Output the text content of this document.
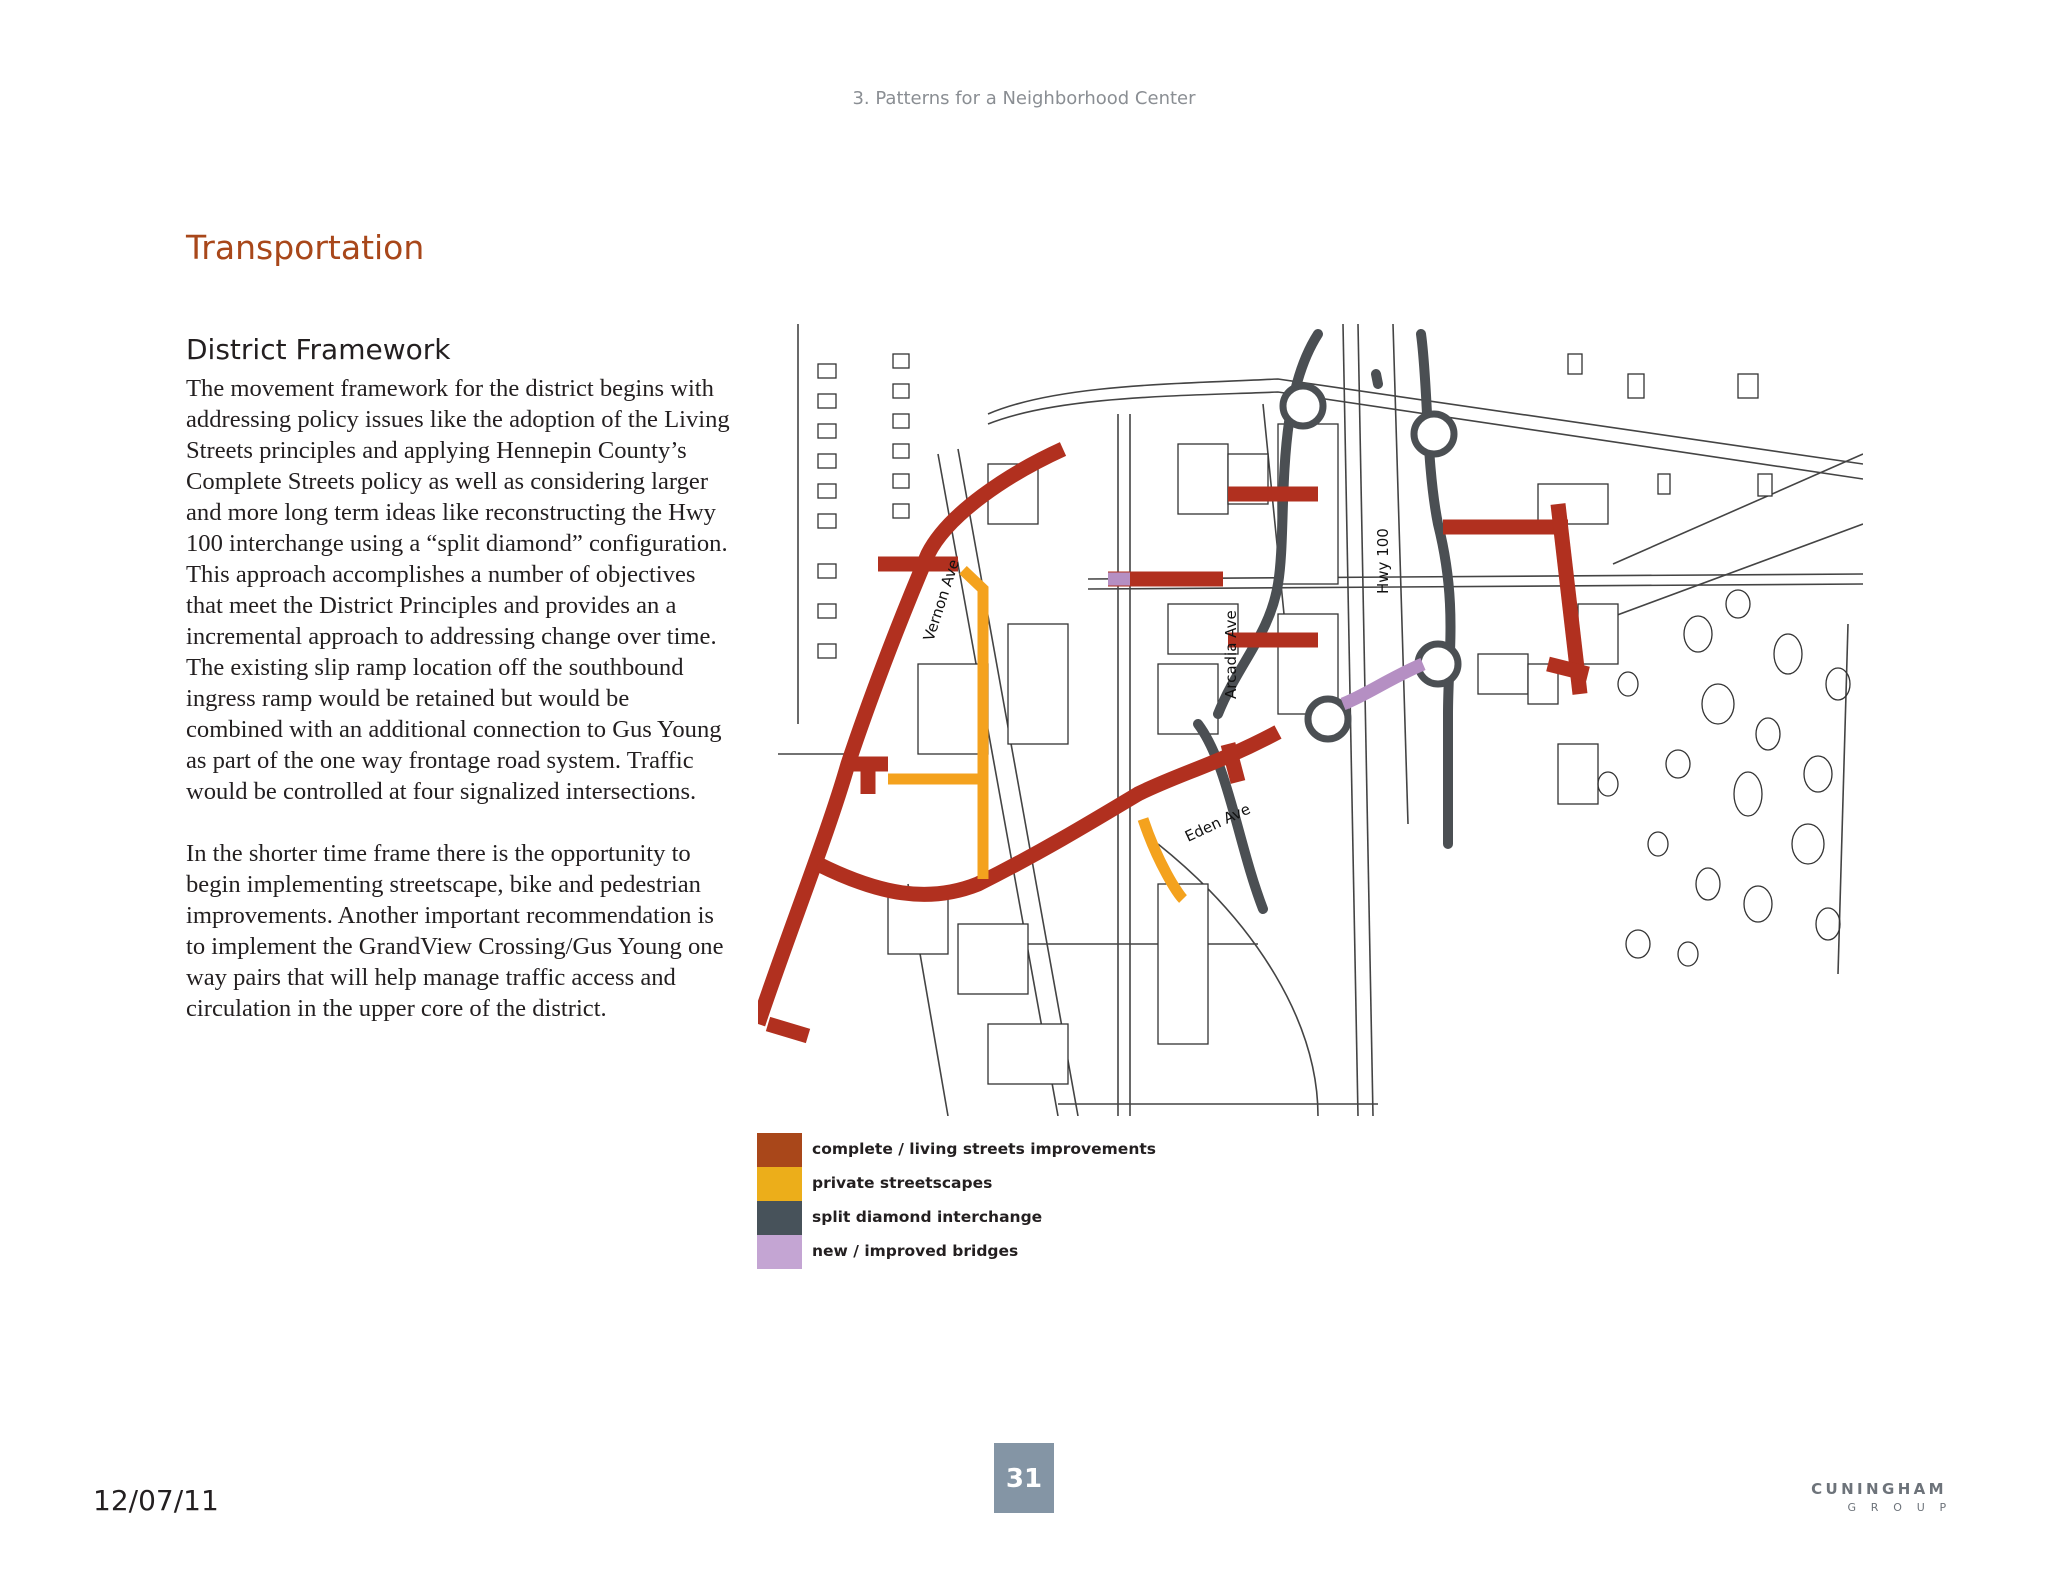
3. Patterns for a Neighborhood Center
Transportation
District Framework

The movement framework for the district begins with addressing policy issues like the adoption of the Living Streets principles and applying Hennepin County’s Complete Streets policy as well as considering larger and more long term ideas like reconstructing the Hwy 100 interchange using a “split diamond” configuration. This approach accomplishes a number of objectives that meet the District Principles and provides an a incremental approach to addressing change over time. The existing slip ramp location off the southbound ingress ramp would be retained but would be combined with an additional connection to Gus Young as part of the one way frontage road system. Traffic would be controlled at four signalized intersections.

In the shorter time frame there is the opportunity to begin implementing streetscape, bike and pedestrian improvements. Another important recommendation is to implement the GrandView Crossing/Gus Young one way pairs that will help manage traffic access and circulation in the upper core of the district.

Vernon Ave
Arcadia Ave
Hwy 100
Eden Ave
complete / living streets improvements
private streetscapes
split diamond interchange
new / improved bridges
12/07/11
31	CUNINGHAM
GROUP
